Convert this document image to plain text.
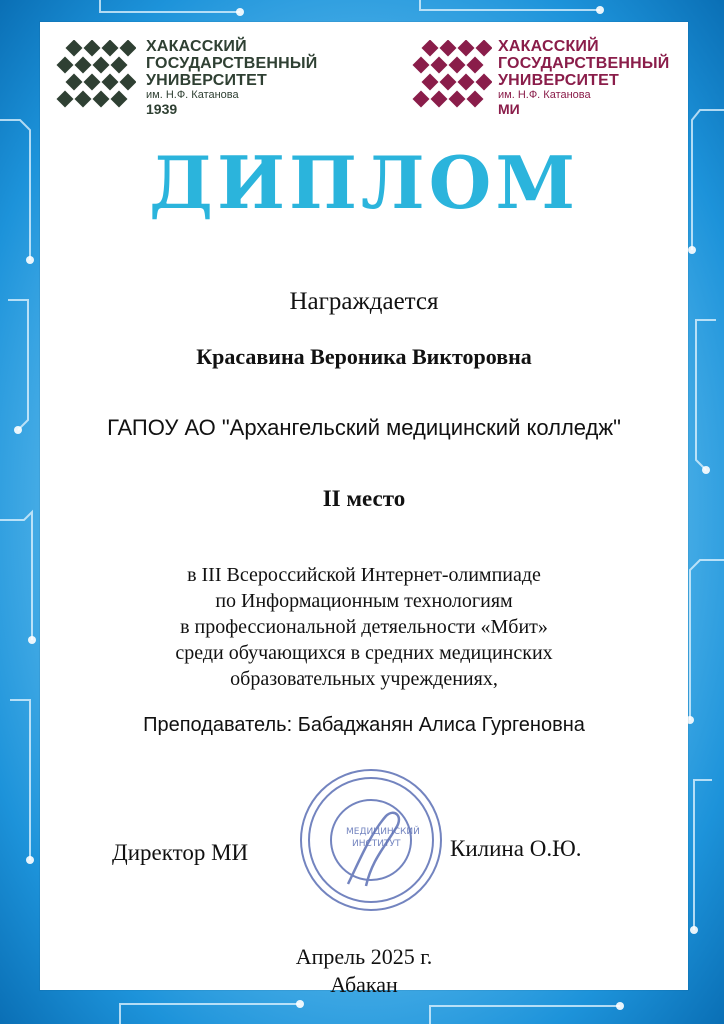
ХАКАССКИЙ
ГОСУДАРСТВЕННЫЙ
УНИВЕРСИТЕТ
им. Н.Ф. Катанова
1939
ХАКАССКИЙ
ГОСУДАРСТВЕННЫЙ
УНИВЕРСИТЕТ
им. Н.Ф. Катанова
МИ
ДИПЛОМ
Награждается
Красавина Вероника Викторовна
ГАПОУ АО "Архангельский медицинский колледж"
II место
в III Всероссийской Интернет-олимпиаде
по Информационным технологиям
в профессиональной детяельности «Мбит»
среди обучающихся в средних медицинских
образовательных учреждениях,
Преподаватель: Бабаджанян Алиса Гургеновна
МЕДИЦИНСКИЙ
ИНСТИТУТ
Директор МИ	Килина О.Ю.
Апрель 2025 г.
Абакан
